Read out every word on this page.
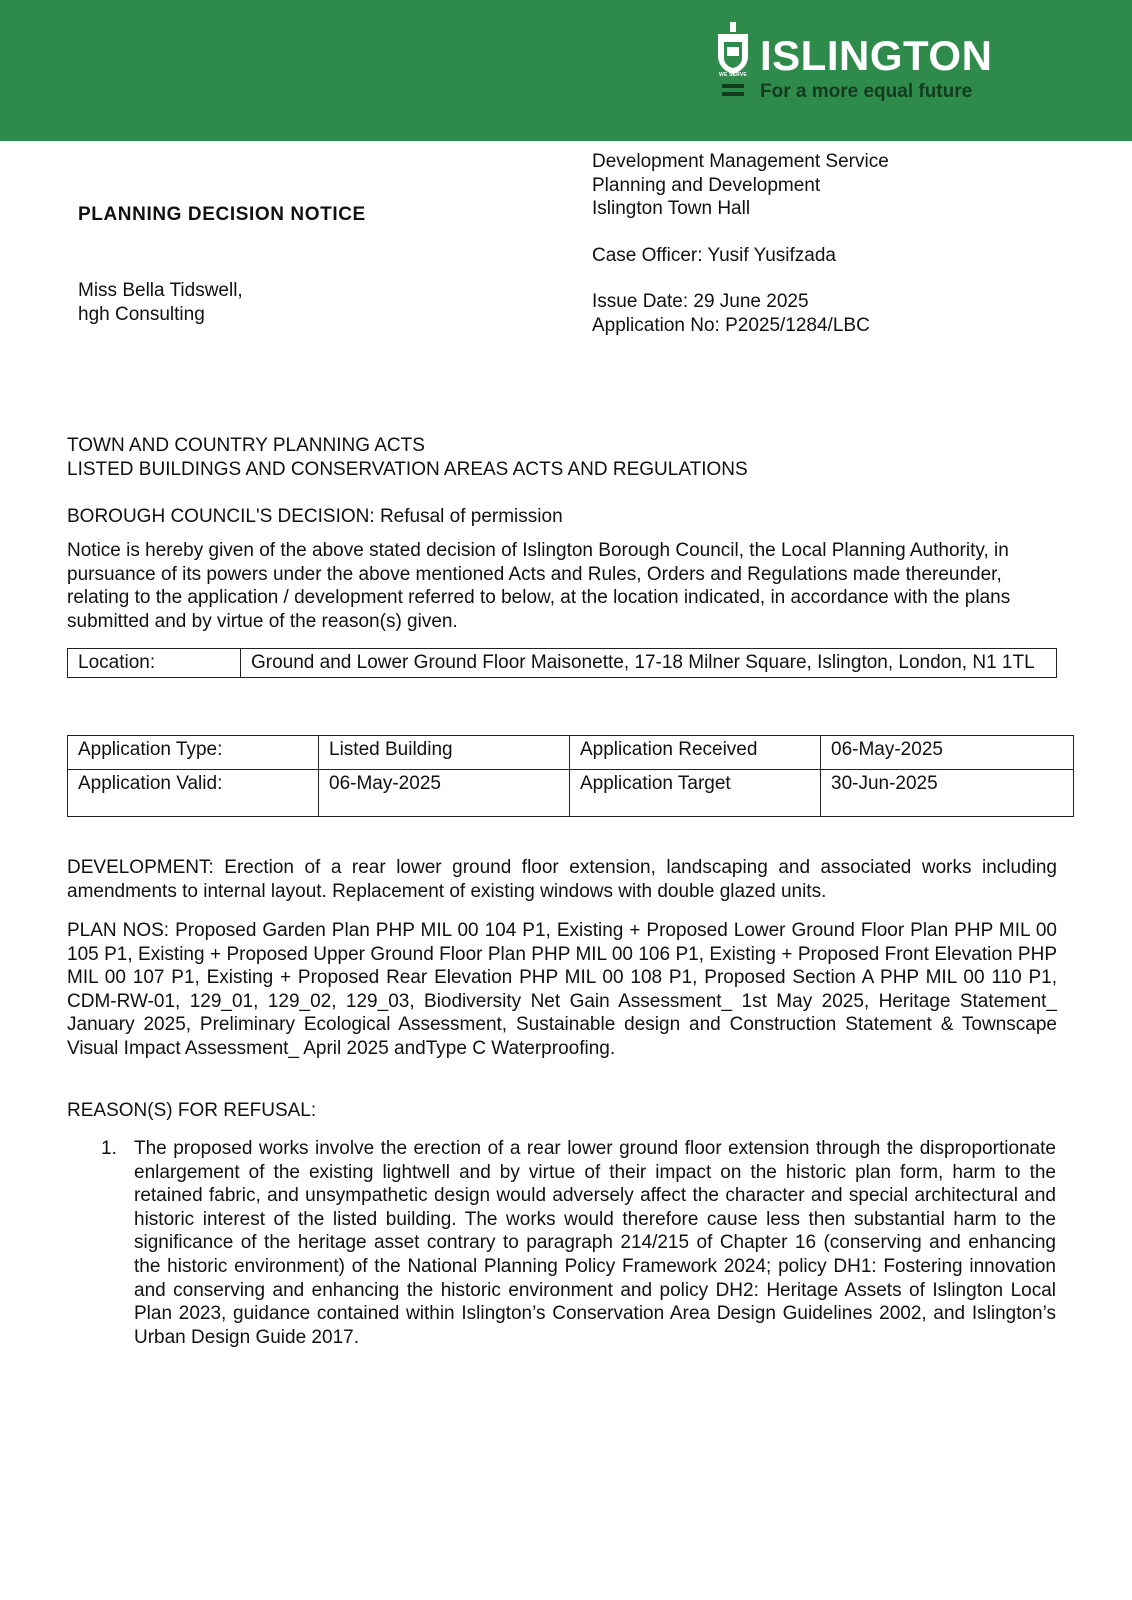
WE SERVE ISLINGTON
For a more equal future
PLANNING DECISION NOTICE

Development Management Service

Planning and Development

Islington Town Hall

Case Officer: Yusif Yusifzada

Issue Date: 29 June 2025

Application No: P2025/1284/LBC

Miss Bella Tidswell,

hgh Consulting

TOWN AND COUNTRY PLANNING ACTS
LISTED BUILDINGS AND CONSERVATION AREAS ACTS AND REGULATIONS
BOROUGH COUNCIL'S DECISION: Refusal of permission
Notice is hereby given of the above stated decision of Islington Borough Council, the Local Planning Authority, in pursuance of its powers under the above mentioned Acts and Rules, Orders and Regulations made thereunder, relating to the application / development referred to below, at the location indicated, in accordance with the plans submitted and by virtue of the reason(s) given.
Location:	Ground and Lower Ground Floor Maisonette, 17-18 Milner Square, Islington, London, N1 1TL
Application Type:	Listed Building	Application Received	06-May-2025
Application Valid:	06-May-2025	Application Target	30-Jun-2025
DEVELOPMENT: Erection of a rear lower ground floor extension, landscaping and associated works including amendments to internal layout. Replacement of existing windows with double glazed units.
PLAN NOS: Proposed Garden Plan PHP MIL 00 104 P1, Existing + Proposed Lower Ground Floor Plan PHP MIL 00 105 P1, Existing + Proposed Upper Ground Floor Plan PHP MIL 00 106 P1, Existing + Proposed Front Elevation PHP MIL 00 107 P1, Existing + Proposed Rear Elevation PHP MIL 00 108 P1, Proposed Section A PHP MIL 00 110 P1, CDM-RW-01, 129_01, 129_02, 129_03, Biodiversity Net Gain Assessment_ 1st May 2025, Heritage Statement_ January 2025, Preliminary Ecological Assessment, Sustainable design and Construction Statement & Townscape Visual Impact Assessment_ April 2025 andType C Waterproofing.
REASON(S) FOR REFUSAL:
1. The proposed works involve the erection of a rear lower ground floor extension through the disproportionate enlargement of the existing lightwell and by virtue of their impact on the historic plan form, harm to the retained fabric, and unsympathetic design would adversely affect the character and special architectural and historic interest of the listed building. The works would therefore cause less then substantial harm to the significance of the heritage asset contrary to paragraph 214/215 of Chapter 16 (conserving and enhancing the historic environment) of the National Planning Policy Framework 2024; policy DH1: Fostering innovation and conserving and enhancing the historic environment and policy DH2: Heritage Assets of Islington Local Plan 2023, guidance contained within Islington’s Conservation Area Design Guidelines 2002, and Islington’s Urban Design Guide 2017.
